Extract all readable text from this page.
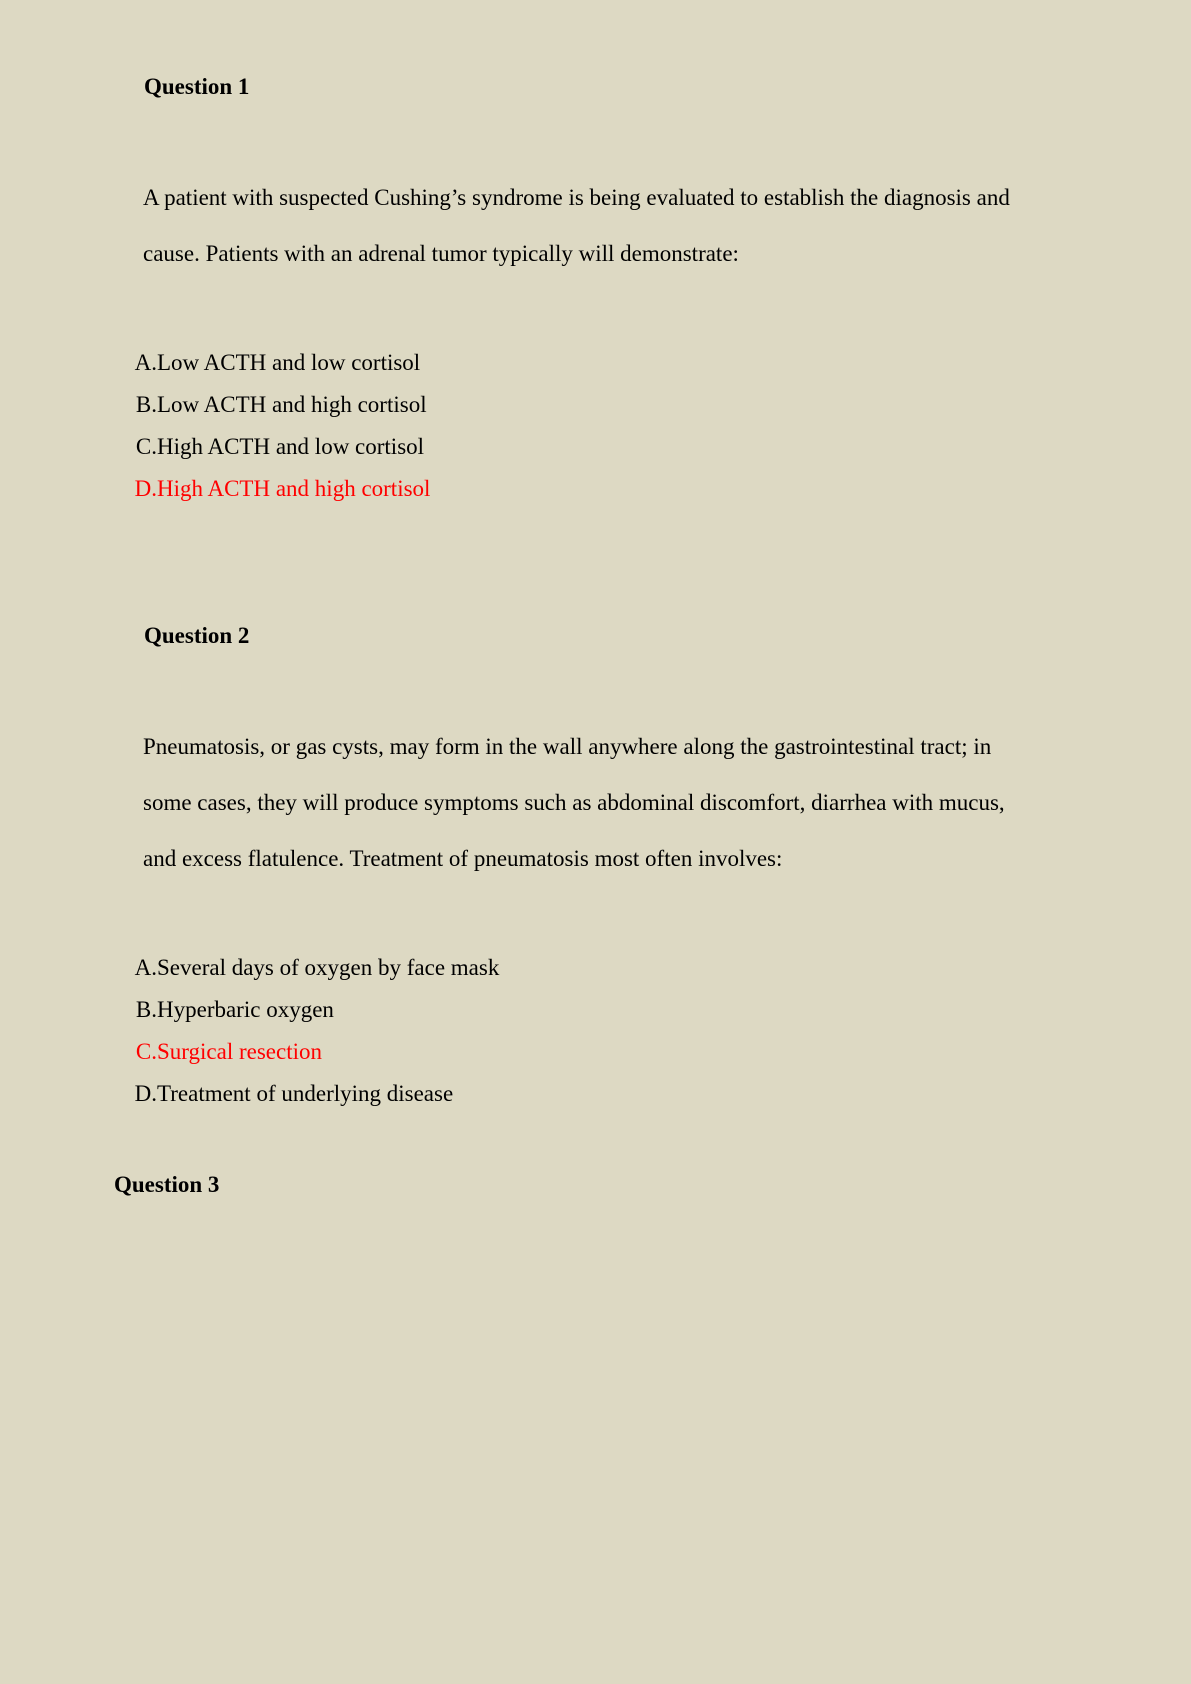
Question 1
A patient with suspected Cushing’s syndrome is being evaluated to establish the diagnosis and
cause. Patients with an adrenal tumor typically will demonstrate:
A. Low ACTH and low cortisol
B. Low ACTH and high cortisol
C. High ACTH and low cortisol
D. High ACTH and high cortisol
Question 2
Pneumatosis, or gas cysts, may form in the wall anywhere along the gastrointestinal tract; in
some cases, they will produce symptoms such as abdominal discomfort, diarrhea with mucus,
and excess flatulence. Treatment of pneumatosis most often involves:
A. Several days of oxygen by face mask
B. Hyperbaric oxygen
C. Surgical resection
D. Treatment of underlying disease
Question 3
